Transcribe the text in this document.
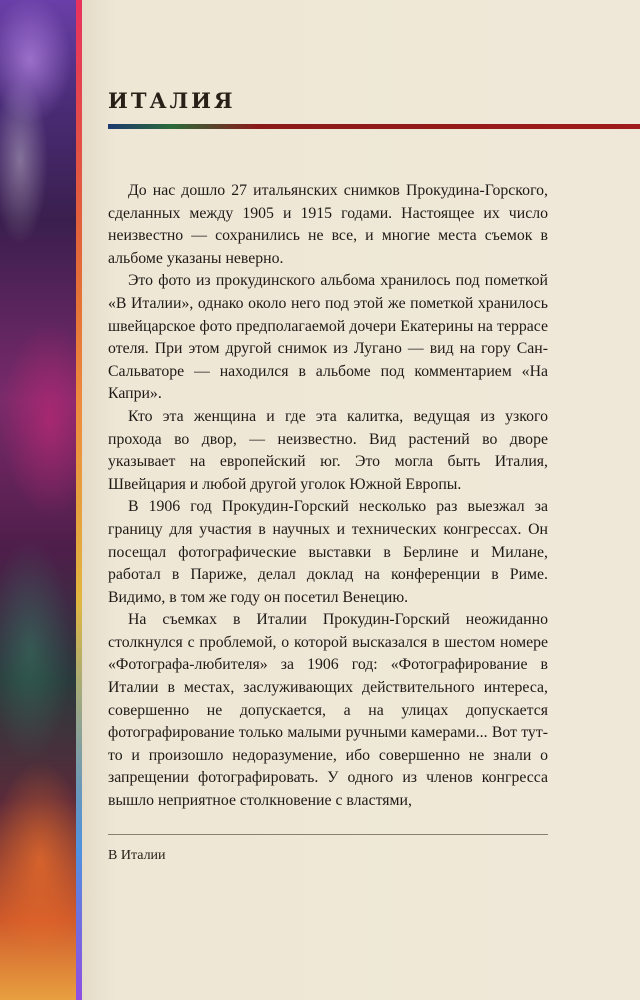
ИТАЛИЯ

До нас дошло 27 итальянских снимков Прокудина-Горского, сделанных между 1905 и 1915 годами. Настоящее их число неизвестно — сохранились не все, и многие места съемок в альбоме указаны неверно.

Это фото из прокудинского альбома хранилось под пометкой «В Италии», однако около него под этой же пометкой хранилось швейцарское фото предполагаемой дочери Екатерины на террасе отеля. При этом другой снимок из Лугано — вид на гору Сан-Сальваторе — находился в альбоме под комментарием «На Капри».

Кто эта женщина и где эта калитка, ведущая из узкого прохода во двор, — неизвестно. Вид растений во дворе указывает на европейский юг. Это могла быть Италия, Швейцария и любой другой уголок Южной Европы.

В 1906 год Прокудин-Горский несколько раз выезжал за границу для участия в научных и технических конгрессах. Он посещал фотографические выставки в Берлине и Милане, работал в Париже, делал доклад на конференции в Риме. Видимо, в том же году он посетил Венецию.

На съемках в Италии Прокудин-Горский неожиданно столкнулся с проблемой, о которой высказался в шестом номере «Фотографа-любителя» за 1906 год: «Фотографирование в Италии в местах, заслуживающих действительного интереса, совершенно не допускается, а на улицах допускается фотографирование только малыми ручными камерами... Вот тут-то и произошло недоразумение, ибо совершенно не знали о запрещении фотографировать. У одного из членов конгресса вышло неприятное столкновение с властями,

В Италии
